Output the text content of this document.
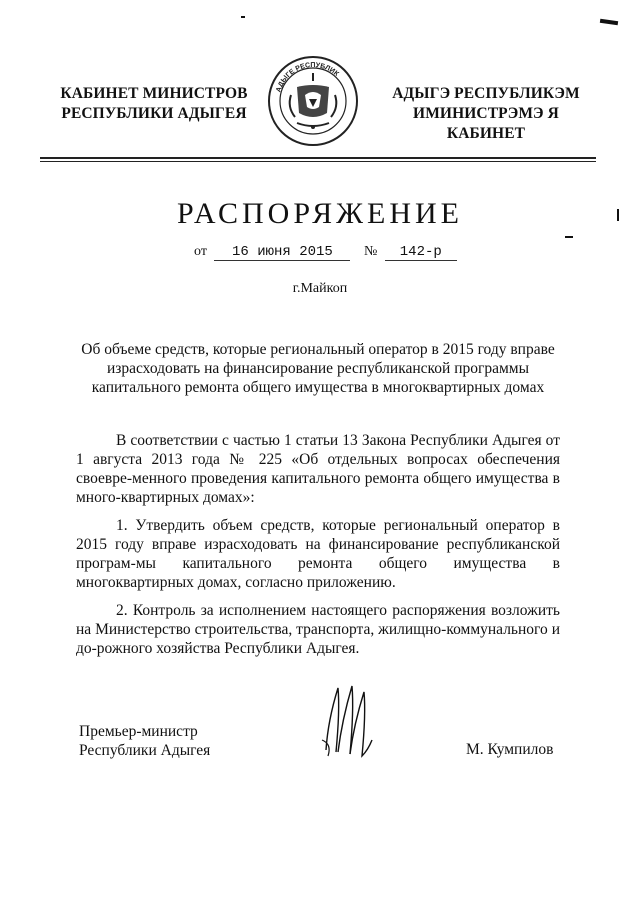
КАБИНЕТ МИНИСТРОВ
РЕСПУБЛИКИ АДЫГЕЯ
АДЫГЕ РЕСПУБЛИК
АДЫГЭ РЕСПУБЛИКЭМ
ИМИНИСТРЭМЭ Я КАБИНЕТ
РАСПОРЯЖЕНИЕ
от 16 июня 2015 № 142-р
г.Майкоп
Об объеме средств, которые региональный оператор в 2015 году вправе израсходовать на финансирование республиканской программы капитального ремонта общего имущества в многоквартирных домах
В соответствии с частью 1 статьи 13 Закона Республики Адыгея от 1 августа 2013 года № 225 «Об отдельных вопросах обеспечения своевре-менного проведения капитального ремонта общего имущества в много-квартирных домах»:
1. Утвердить объем средств, которые региональный оператор в 2015 году вправе израсходовать на финансирование республиканской програм-мы капитального ремонта общего имущества в многоквартирных домах, согласно приложению.
2. Контроль за исполнением настоящего распоряжения возложить на Министерство строительства, транспорта, жилищно-коммунального и до-рожного хозяйства Республики Адыгея.
Премьер-министр
Республики Адыгея	М. Кумпилов
